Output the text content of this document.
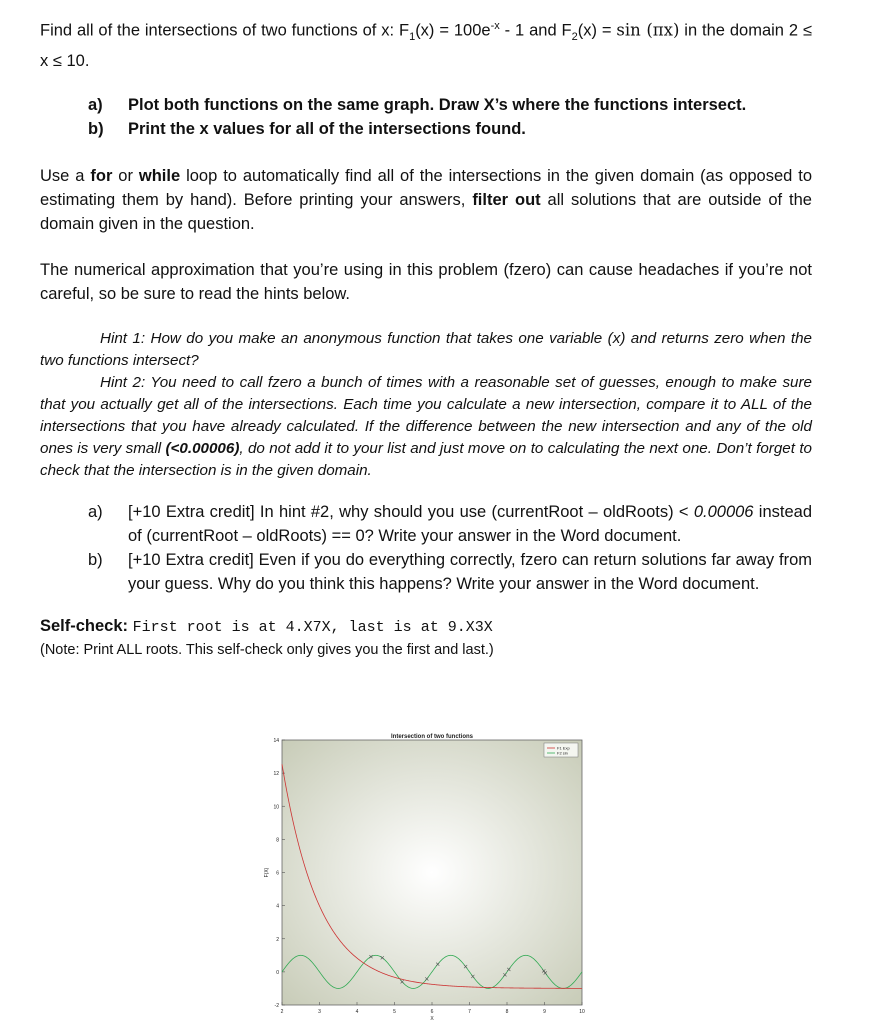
Find all of the intersections of two functions of x: $F_1(x) = 100e^{-x} - 1$ and $F_2(x) = \sin (\pi x)$ in the domain 2 ≤ x ≤ 10.

a) Plot both functions on the same graph. Draw X’s where the functions intersect.
b) Print the x values for all of the intersections found.

Use a for or while loop to automatically find all of the intersections in the given domain (as opposed to estimating them by hand). Before printing your answers, filter out all solutions that are outside of the domain given in the question.

The numerical approximation that you’re using in this problem (fzero) can cause headaches if you’re not careful, so be sure to read the hints below.

Hint 1: How do you make an anonymous function that takes one variable (x) and returns zero when the two functions intersect?

Hint 2: You need to call fzero a bunch of times with a reasonable set of guesses, enough to make sure that you actually get all of the intersections. Each time you calculate a new intersection, compare it to ALL of the intersections that you have already calculated. If the difference between the new intersection and any of the old ones is very small (<0.00006), do not add it to your list and just move on to calculating the next one. Don’t forget to check that the intersection is in the given domain.

a) [+10 Extra credit] In hint #2, why should you use (currentRoot – oldRoots) < 0.00006 instead of (currentRoot – oldRoots) == 0? Write your answer in the Word document.
b) [+10 Extra credit] Even if you do everything correctly, fzero can return solutions far away from your guess. Why do you think this happens? Write your answer in the Word document.
Self-check: First root is at 4.X7X, last is at 9.X3X
(Note: Print ALL roots. This self-check only gives you the first and last.)
Intersection of two functions
2	3	4	5	6	7	8	9	10
-2
0
2
4
6
8
10
12
14
X
F(X)
F1 Exp
F2 sin
